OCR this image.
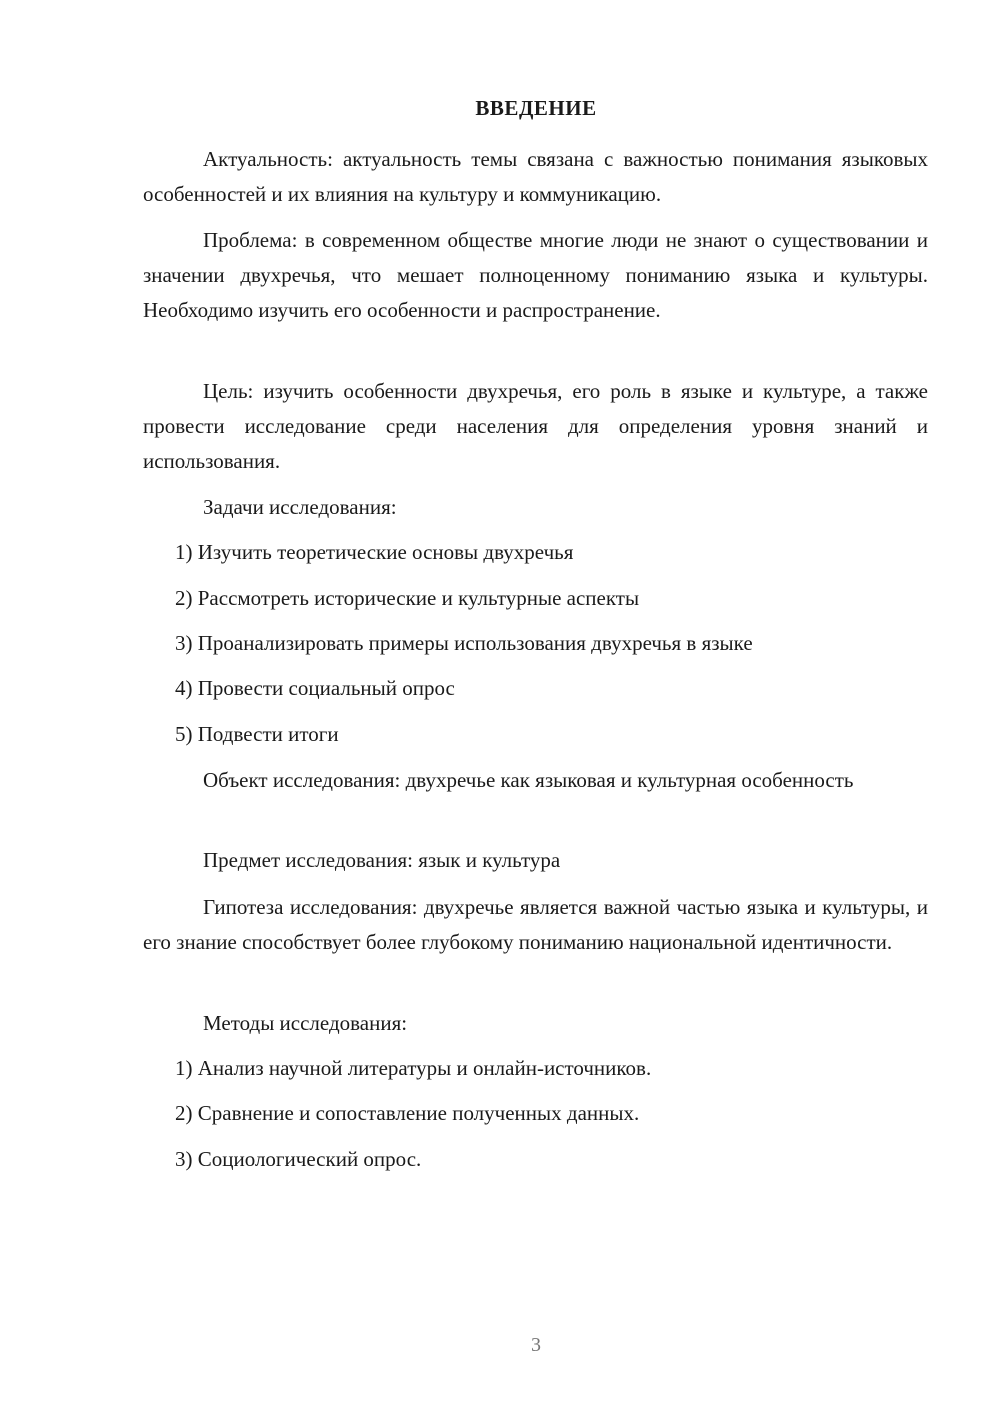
ВВЕДЕНИЕ
Актуальность: актуальность темы связана с важностью понимания языковых особенностей и их влияния на культуру и коммуникацию.
Проблема: в современном обществе многие люди не знают о существовании и значении двухречья, что мешает полноценному пониманию языка и культуры. Необходимо изучить его особенности и распространение.
Цель: изучить особенности двухречья, его роль в языке и культуре, а также провести исследование среди населения для определения уровня знаний и использования.
Задачи исследования:
1) Изучить теоретические основы двухречья
2) Рассмотреть исторические и культурные аспекты
3) Проанализировать примеры использования двухречья в языке
4) Провести социальный опрос
5) Подвести итоги
Объект исследования: двухречье как языковая и культурная особенность
Предмет исследования: язык и культура
Гипотеза исследования: двухречье является важной частью языка и культуры, и его знание способствует более глубокому пониманию национальной идентичности.
Методы исследования:
1) Анализ научной литературы и онлайн-источников.
2) Сравнение и сопоставление полученных данных.
3) Социологический опрос.
3
